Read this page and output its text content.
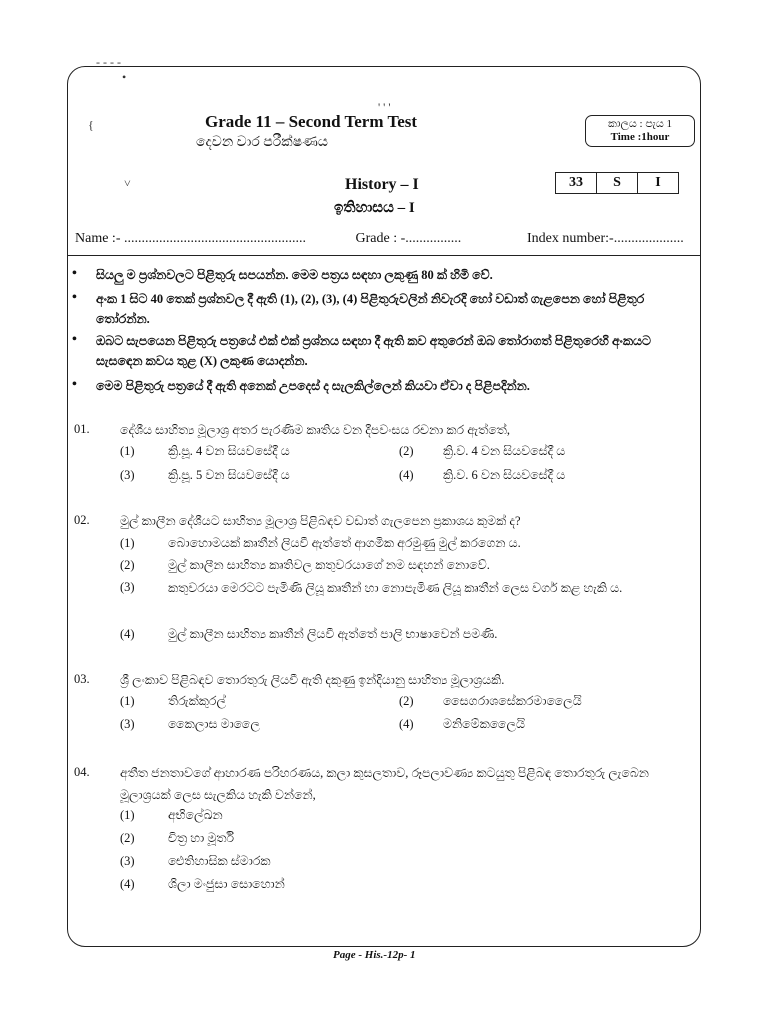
- - - -
•
{
˅
' ' '
Grade 11 – Second Term Test
දෙවන වාර පරීක්ෂණය
කාලය : පැය 1
Time :1hour
History – I
ඉතිහාසය – I
33	S	I
Name :- ....................................................	Grade : -................	Index number:-....................
• සියලු ම ප්‍රශ්නවලට පිළිතුරු සපයන්න. මෙම පත්‍රය සඳහා ලකුණු 80 ක් හිමි වේ.
• අංක 1 සිට 40 තෙක් ප්‍රශ්නවල දී ඇති (1), (2), (3), (4) පිළිතුරුවලින් නිවැරදි හෝ වඩාත් ගැළපෙන හෝ පිළිතුර තෝරන්න.
• ඔබට සැපයෙන පිළිතුරු පත්‍රයේ එක් එක් ප්‍රශ්නය සඳහා දී ඇති කව අතුරෙන් ඔබ තෝරාගත් පිළිතුරෙහි අංකයට සැසඳෙන කවය තුළ (X) ලකුණ යොදන්න.
• මෙම පිළිතුරු පත්‍රයේ දී ඇති අනෙක් උපදෙස් ද සැලකිල්ලෙන් කියවා ඒවා ද පිළිපදින්න.
01. දේශීය සාහිත්‍ය මූලාශ්‍ර අතර පැරණිම කෘතිය වන දීපවංසය රචනා කර ඇත්තේ,
(1)	ක්‍රි.පූ. 4 වන සියවසේදී ය	(2) ක්‍රි.ව. 4 වන සියවසේදී ය
(3)	ක්‍රි.පූ. 5 වන සියවසේදී ය	(4) ක්‍රි.ව. 6 වන සියවසේදී ය
02. මුල් කාලීන දේශීයට සාහිත්‍ය මූලාශ්‍ර පිළිබඳව වඩාත් ගැලපෙන ප්‍රකාශය කුමක් ද?
(1)	බොහොමයක් කෘතීන් ලියවී ඇත්තේ ආගමික අරමුණු මුල් කරගෙන ය.
(2)	මුල් කාලීන සාහිත්‍ය කෘතිවල කතුවරයාගේ නම සඳහන් නොවේ.
(3)	කතුවරයා මෙරටට පැමිණි ලියූ කෘතීන් හා නොපැමිණ ලියූ කෘතීන් ලෙස වර්ග කළ හැකි ය.
(4)	මුල් කාලීන සාහිත්‍ය කෘතීන් ලියවී ඇත්තේ පාලි භාෂාවෙන් පමණි.
03. ශ්‍රී ලංකාව පිළිබඳව තොරතුරු ලියවී ඇති දකුණු ඉන්දියානු සාහිත්‍ය මූලාශ්‍රයකි.
(1)	තිරුක්කුරල්	(2) සෛගරාශසේකරමාලෛයි
(3)	කෛලාස මාලෛ	(4) මනිමේකලෛයි
04. අතීත ජනතාවගේ ආහාරණ පරිහරණය, කලා කුසලතාව, රූපලාවණ්‍ය කටයුතු පිළිබඳ තොරතුරු ලැබෙන මූලාශ්‍රයක් ලෙස සැලකිය හැකි වන්නේ,
(1)	අභිලේඛන
(2)	චිත්‍ර හා මූර්ති
(3)	ඓතිහාසික ස්මාරක
(4)	ශිලා මංජුසා සොහොන්
Page - His.-12p- 1
